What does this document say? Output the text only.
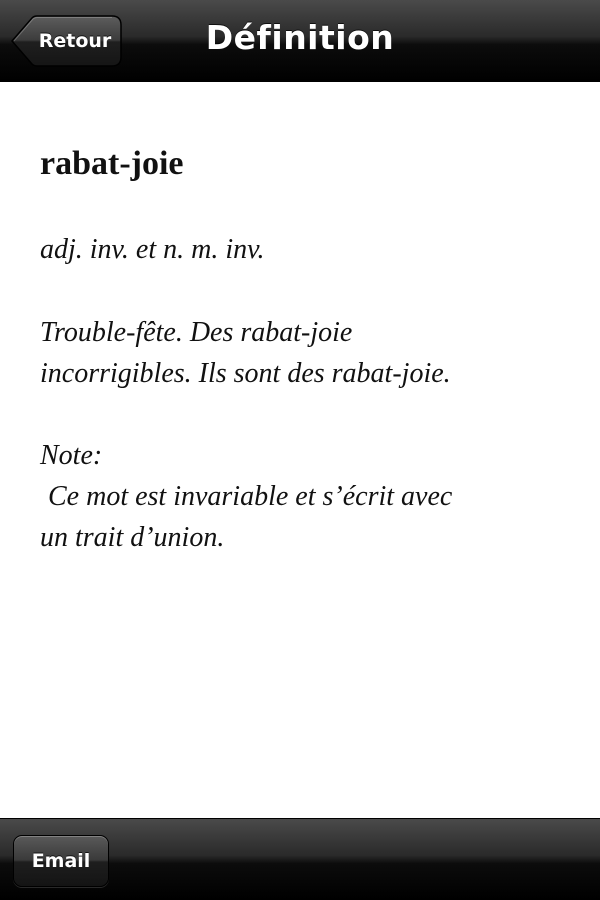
Retour	Définition
rabat-joie
adj. inv. et n. m. inv.
Trouble-fête. Des rabat-joie
incorrigibles. Ils sont des rabat-joie.
Note:
Ce mot est invariable et s’écrit avec
un trait d’union.
Email
